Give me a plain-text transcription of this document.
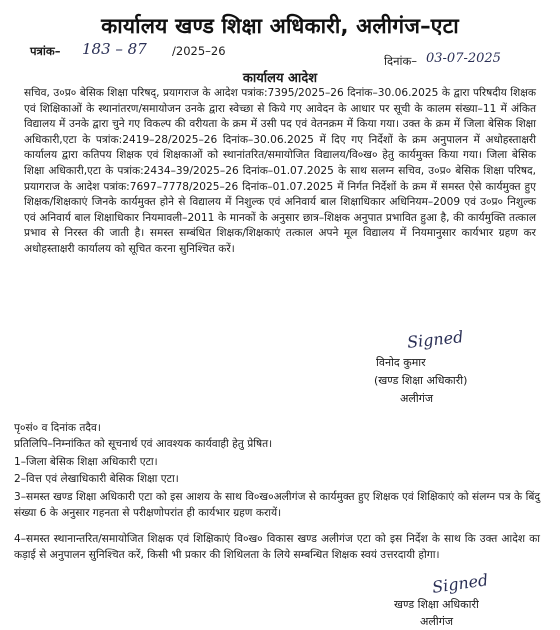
कार्यालय खण्ड शिक्षा अधिकारी, अलीगंज–एटा
पत्रांक– 183 – 87 /2025–26
दिनांक– 03-07-2025
कार्यालय आदेश
सचिव, उ०प्र० बेसिक शिक्षा परिषद्, प्रयागराज के आदेश पत्रांक:7395/2025–26 दिनांक–30.06.2025 के द्वारा परिषदीय शिक्षक एवं शिक्षिकाओं के स्थानांतरण/समायोजन उनके द्वारा स्वेच्छा से किये गए आवेदन के आधार पर सूची के कालम संख्या–11 में अंकित विद्यालय में उनके द्वारा चुने गए विकल्प की वरीयता के क्रम में उसी पद एवं वेतनक्रम में किया गया। उक्त के क्रम में जिला बेसिक शिक्षा अधिकारी,एटा के पत्रांक:2419–28/2025–26 दिनांक–30.06.2025 में दिए गए निर्देशों के क्रम अनुपालन में अधोहस्ताक्षरी कार्यालय द्वारा कतिपय शिक्षक एवं शिक्षकाओं को स्थानांतरित/समायोजित विद्यालय/वि०ख० हेतु कार्यमुक्त किया गया। जिला बेसिक शिक्षा अधिकारी,एटा के पत्रांक:2434–39/2025–26 दिनांक–01.07.2025 के साथ सलग्न सचिव, उ०प्र० बेसिक शिक्षा परिषद, प्रयागराज के आदेश पत्रांक:7697–7778/2025–26 दिनांक–01.07.2025 में निर्गत निर्देशों के क्रम में समस्त ऐसे कार्यमुक्त हुए शिक्षक/शिक्षकाएं जिनके कार्यमुक्त होने से विद्यालय में निशुल्क एवं अनिवार्य बाल शिक्षाधिकार अधिनियम–2009 एवं उ०प्र० निशुल्क एवं अनिवार्य बाल शिक्षाधिकार नियमावली–2011 के मानकों के अनुसार छात्र–शिक्षक अनुपात प्रभावित हुआ है, की कार्यमुक्ति तत्काल प्रभाव से निरस्त की जाती है। समस्त सम्बंधित शिक्षक/शिक्षकाएं तत्काल अपने मूल विद्यालय में नियमानुसार कार्यभार ग्रहण कर अधोहस्ताक्षरी कार्यालय को सूचित करना सुनिश्चित करें।
Signed
विनोद कुमार
(खण्ड शिक्षा अधिकारी)
अलीगंज

पृ०सं० व दिनांक तदैव।

प्रतिलिपि–निम्नांकित को सूचनार्थ एवं आवश्यक कार्यवाही हेतु प्रेषित।

1–जिला बेसिक शिक्षा अधिकारी एटा।

2–वित्त एवं लेखाधिकारी बेसिक शिक्षा एटा।

3–समस्त खण्ड शिक्षा अधिकारी एटा को इस आशय के साथ वि०ख०अलीगंज से कार्यमुक्त हुए शिक्षक एवं शिक्षिकाएं को संलग्न पत्र के बिंदु संख्या 6 के अनुसार गहनता से परीक्षणोपरांत ही कार्यभार ग्रहण करायें।

4–समस्त स्थानान्तरित/समायोजित शिक्षक एवं शिक्षिकाएं वि०ख० विकास खण्ड अलीगंज एटा को इस निर्देश के साथ कि उक्त आदेश का कड़ाई से अनुपालन सुनिश्चित करें, किसी भी प्रकार की शिथिलता के लिये सम्बन्धित शिक्षक स्वयं उत्तरदायी होगा।

Signed
खण्ड शिक्षा अधिकारी
अलीगंज
